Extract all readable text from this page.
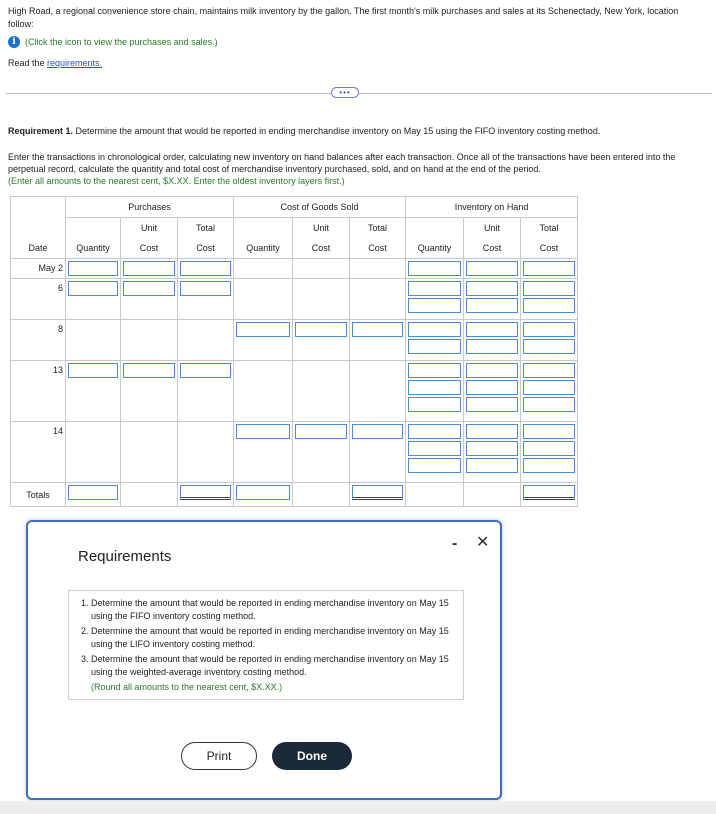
High Road, a regional convenience store chain, maintains milk inventory by the gallon. The first month's milk purchases and sales at its Schenectady, New York, location follow:
i	(Click the icon to view the purchases and sales.)
Read the requirements.
•••
Requirement 1. Determine the amount that would be reported in ending merchandise inventory on May 15 using the FIFO inventory costing method.
Enter the transactions in chronological order, calculating new inventory on hand balances after each transaction. Once all of the transactions have been entered into the perpetual record, calculate the quantity and total cost of merchandise inventory purchased, sold, and on hand at the end of the period.
(Enter all amounts to the nearest cent, $X.XX. Enter the oldest inventory layers first.)
	Purchases			Cost of Goods Sold			Inventory on Hand		
		Unit	Total		Unit	Total		Unit	Total
Date	Quantity	Cost	Cost	Quantity	Cost	Cost	Quantity	Cost	Cost
May 2	

6	

8				

13	

14				

Totals	

Requirements
- ✕
1. Determine the amount that would be reported in ending merchandise inventory on May 15 using the FIFO inventory costing method.
2. Determine the amount that would be reported in ending merchandise inventory on May 15 using the LIFO inventory costing method.
3. Determine the amount that would be reported in ending merchandise inventory on May 15 using the weighted-average inventory costing method.
(Round all amounts to the nearest cent, $X.XX.)
Print	Done
